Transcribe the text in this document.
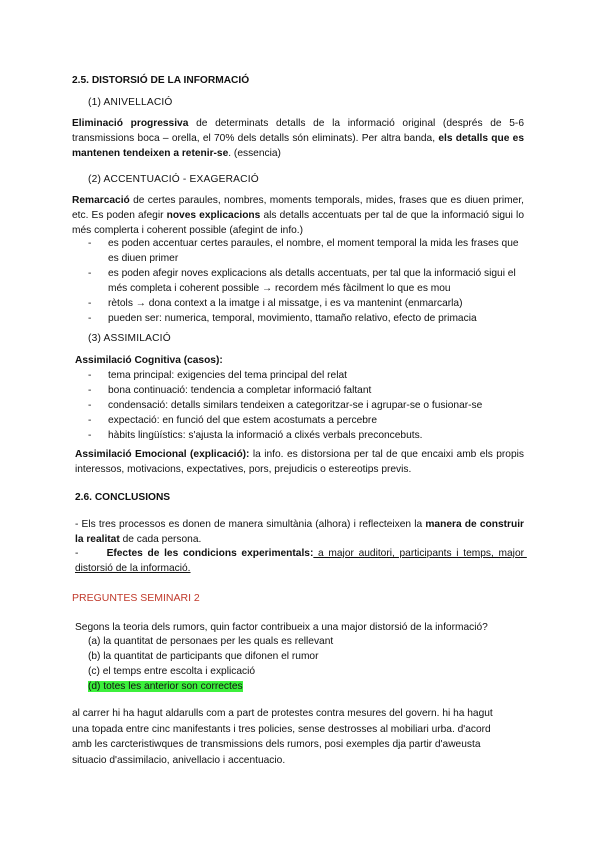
2.5. DISTORSIÓ DE LA INFORMACIÓ
(1) ANIVELLACIÓ
Eliminació progressiva de determinats detalls de la informació original (després de 5-6 transmissions boca – orella, el 70% dels detalls són eliminats). Per altra banda, els detalls que es mantenen tendeixen a retenir-se. (essencia)
(2) ACCENTUACIÓ - EXAGERACIÓ
Remarcació de certes paraules, nombres, moments temporals, mides, frases que es diuen primer, etc. Es poden afegir noves explicacions als detalls accentuats per tal de que la informació sigui lo més complerta i coherent possible (afegint de info.)
- es poden accentuar certes paraules, el nombre, el moment temporal la mida les frases que es diuen primer
- es poden afegir noves explicacions als detalls accentuats, per tal que la informació sigui el més completa i coherent possible → recordem més fàcilment lo que es mou
- rètols → dona context a la imatge i al missatge, i es va mantenint (enmarcarla)
- pueden ser: numerica, temporal, movimiento, ttamaño relativo, efecto de primacia
(3) ASSIMILACIÓ
Assimilació Cognitiva (casos):
- tema principal: exigencies del tema principal del relat
- bona continuació: tendencia a completar informació faltant
- condensació: detalls similars tendeixen a categoritzar-se i agrupar-se o fusionar-se
- expectació: en funció del que estem acostumats a percebre
- hàbits lingüístics: s'ajusta la informació a clixés verbals preconcebuts.
Assimilació Emocional (explicació): la info. es distorsiona per tal de que encaixi amb els propis interessos, motivacions, expectatives, pors, prejudicis o estereotips previs.
2.6. CONCLUSIONS
- Els tres processos es donen de manera simultània (alhora) i reflecteixen la manera de construir la realitat de cada persona.
-      Efectes de les condicions experimentals: a major auditori, participants i temps, major distorsió de la informació.
PREGUNTES SEMINARI 2
Segons la teoria dels rumors, quin factor contribueix a una major distorsió de la informació?
(a) la quantitat de personaes per les quals es rellevant
(b) la quantitat de participants que difonen el rumor
(c) el temps entre escolta i explicació
(d) totes les anterior son correctes
al carrer hi ha hagut aldarulls com a part de protestes contra mesures del govern. hi ha hagut una topada entre cinc manifestants i tres policies, sense destrosses al mobiliari urba. d'acord amb les carcteristiwques de transmissions dels rumors, posi exemples dja partir d'aweusta situacio d'assimilacio, anivellacio i accentuacio.
